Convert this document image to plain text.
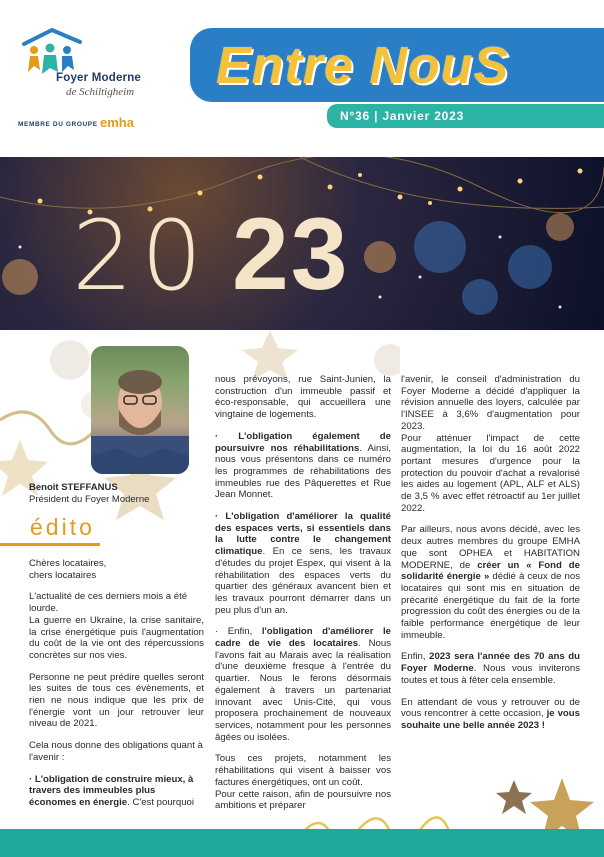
Foyer Moderne
de Schiltigheim
MEMBRE DU GROUPE emha
Entre NouS
N°36 | Janvier 2023
20 23
Benoit STEFFANUS
Président du Foyer Moderne
édito

Chères locataires,
chers locataires

L'actualité de ces derniers mois a été lourde.

La guerre en Ukraine, la crise sanitaire, la crise énergétique puis l'augmentation du coût de la vie ont des répercussions concrètes sur nos vies.

Personne ne peut prédire quelles seront les suites de tous ces évènements, et rien ne nous indique que les prix de l'énergie vont un jour retrouver leur niveau de 2021.

Cela nous donne des obligations quant à l'avenir :

· L'obligation de construire mieux, à travers des immeubles plus économes en énergie. C'est pourquoi

nous prévoyons, rue Saint-Junien, la construction d'un immeuble passif et éco-responsable, qui accueillera une vingtaine de logements.

· L'obligation également de poursuivre nos réhabilitations. Ainsi, nous vous présentons dans ce numéro les programmes de réhabilitations des immeubles rue des Pâquerettes et Rue Jean Monnet.

· L'obligation d'améliorer la qualité des espaces verts, si essentiels dans la lutte contre le changement climatique. En ce sens, les travaux d'études du projet Espex, qui visent à la réhabilitation des espaces verts du quartier des généraux avancent bien et les travaux pourront démarrer dans un peu plus d'un an.

· Enfin, l'obligation d'améliorer le cadre de vie des locataires. Nous l'avons fait au Marais avec la réalisation d'une deuxième fresque à l'entrée du quartier. Nous le ferons désormais également à travers un partenariat innovant avec Unis-Cité, qui vous proposera prochainement de nouveaux services, notamment pour les personnes âgées ou isolées.

Tous ces projets, notamment les réhabilitations qui visent à baisser vos factures énergétiques, ont un coût.

Pour cette raison, afin de poursuivre nos ambitions et préparer

l'avenir, le conseil d'administration du Foyer Moderne a décidé d'appliquer la révision annuelle des loyers, calculée par l'INSEE à 3,6% d'augmentation pour 2023.

Pour atténuer l'impact de cette augmentation, la loi du 16 août 2022 portant mesures d'urgence pour la protection du pouvoir d'achat a revalorisé les aides au logement (APL, ALF et ALS) de 3,5 % avec effet rétroactif au 1er juillet 2022.

Par ailleurs, nous avons décidé, avec les deux autres membres du groupe EMHA que sont OPHEA et HABITATION MODERNE, de créer un « Fond de solidarité énergie » dédié à ceux de nos locataires qui sont mis en situation de précarité énergétique du fait de la forte progression du coût des énergies ou de la faible performance énergétique de leur immeuble.

Enfin, 2023 sera l'année des 70 ans du Foyer Moderne. Nous vous inviterons toutes et tous à fêter cela ensemble.

En attendant de vous y retrouver ou de vous rencontrer à cette occasion, je vous souhaite une belle année 2023 !
